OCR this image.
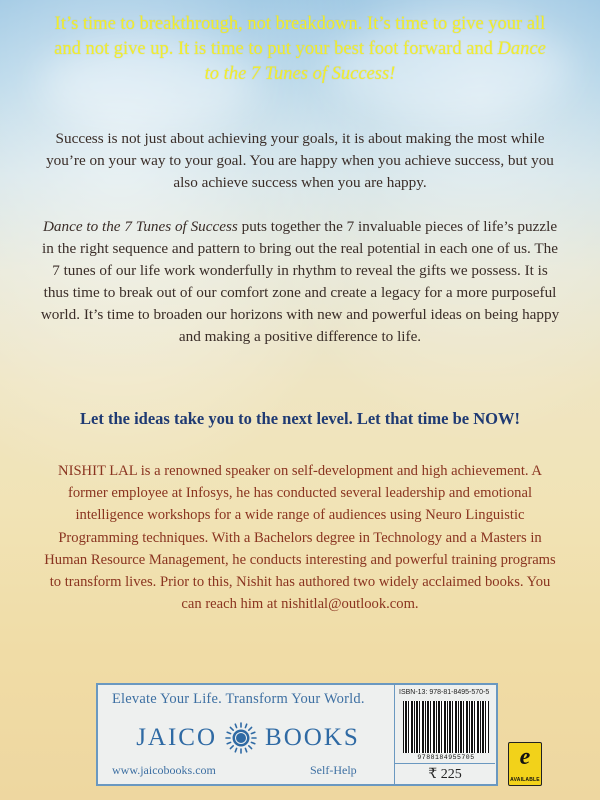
It’s time to breakthrough, not breakdown. It’s time to give your all and not give up. It is time to put your best foot forward and Dance to the 7 Tunes of Success!
Success is not just about achieving your goals, it is about making the most while you’re on your way to your goal. You are happy when you achieve success, but you also achieve success when you are happy.
Dance to the 7 Tunes of Success puts together the 7 invaluable pieces of life’s puzzle in the right sequence and pattern to bring out the real potential in each one of us. The 7 tunes of our life work wonderfully in rhythm to reveal the gifts we possess. It is thus time to break out of our comfort zone and create a legacy for a more purposeful world. It’s time to broaden our horizons with new and powerful ideas on being happy and making a positive difference to life.
Let the ideas take you to the next level. Let that time be NOW!
NISHIT LAL is a renowned speaker on self-development and high achievement. A former employee at Infosys, he has conducted several leadership and emotional intelligence workshops for a wide range of audiences using Neuro Linguistic Programming techniques. With a Bachelors degree in Technology and a Masters in Human Resource Management, he conducts interesting and powerful training programs to transform lives. Prior to this, Nishit has authored two widely acclaimed books. You can reach him at nishitlal@outlook.com.
Elevate Your Life. Transform Your World.
JAICO BOOKS
www.jaicobooks.com	Self-Help
ISBN-13: 978-81-8495-570-5
9788184955705
₹ 225
e
AVAILABLE
